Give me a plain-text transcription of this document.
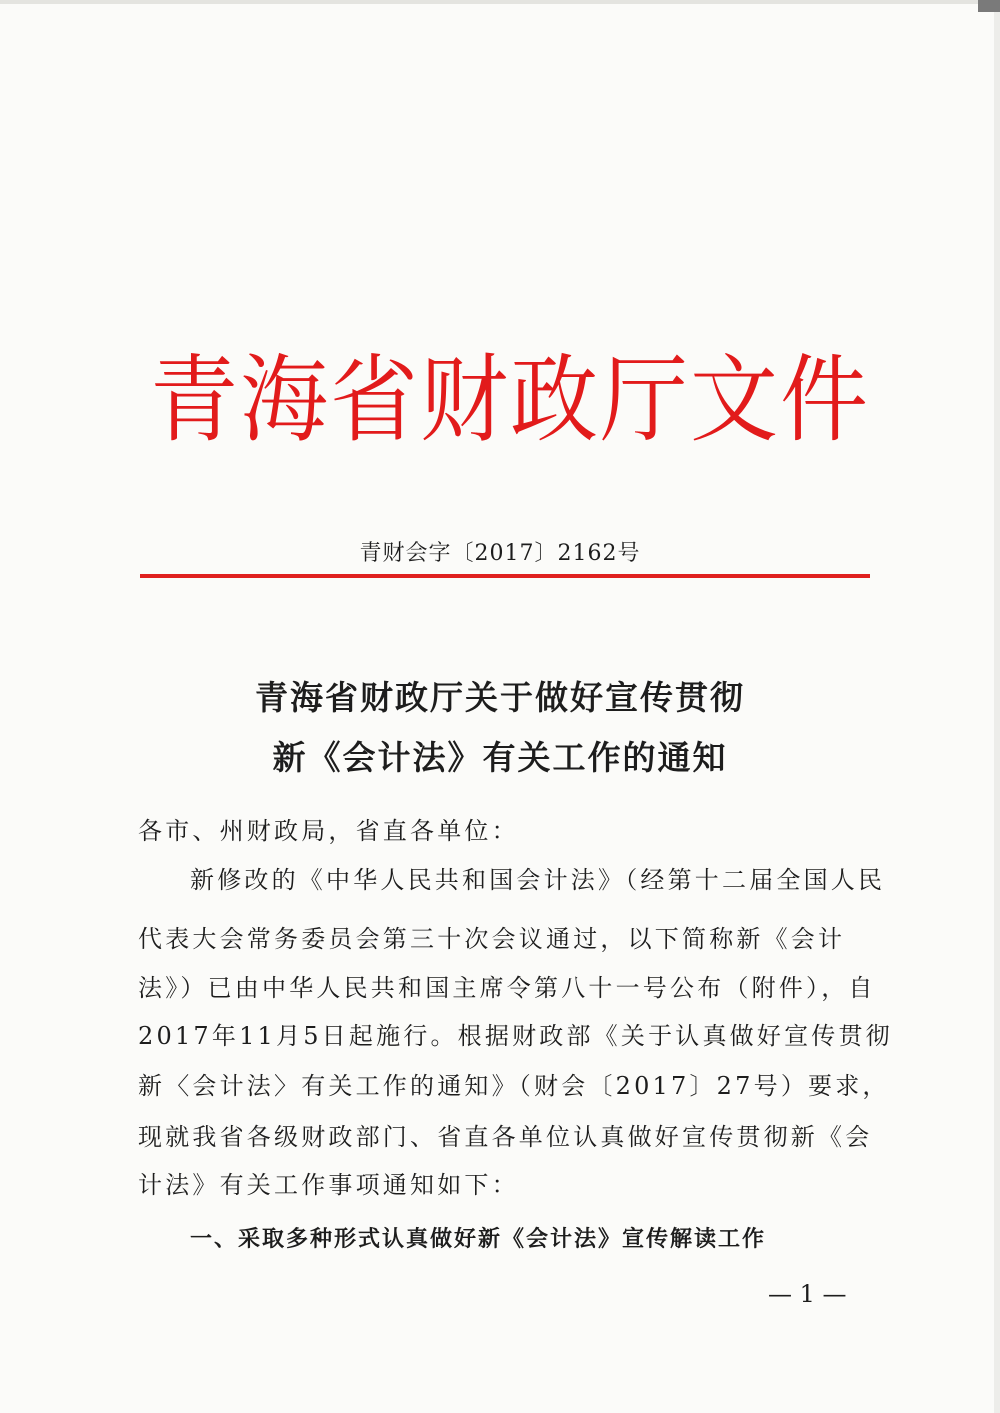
青海省财政厅文件
青财会字〔2017〕2162号
青海省财政厅关于做好宣传贯彻
新《会计法》有关工作的通知
各市、州财政局，省直各单位：
新修改的《中华人民共和国会计法》（经第十二届全国人民
代表大会常务委员会第三十次会议通过，以下简称新《会计
法》）已由中华人民共和国主席令第八十一号公布（附件），自
2017年11月5日起施行。根据财政部《关于认真做好宣传贯彻
新〈会计法〉有关工作的通知》（财会〔2017〕27号）要求，
现就我省各级财政部门、省直各单位认真做好宣传贯彻新《会
计法》有关工作事项通知如下：
一、采取多种形式认真做好新《会计法》宣传解读工作
— 1 —
